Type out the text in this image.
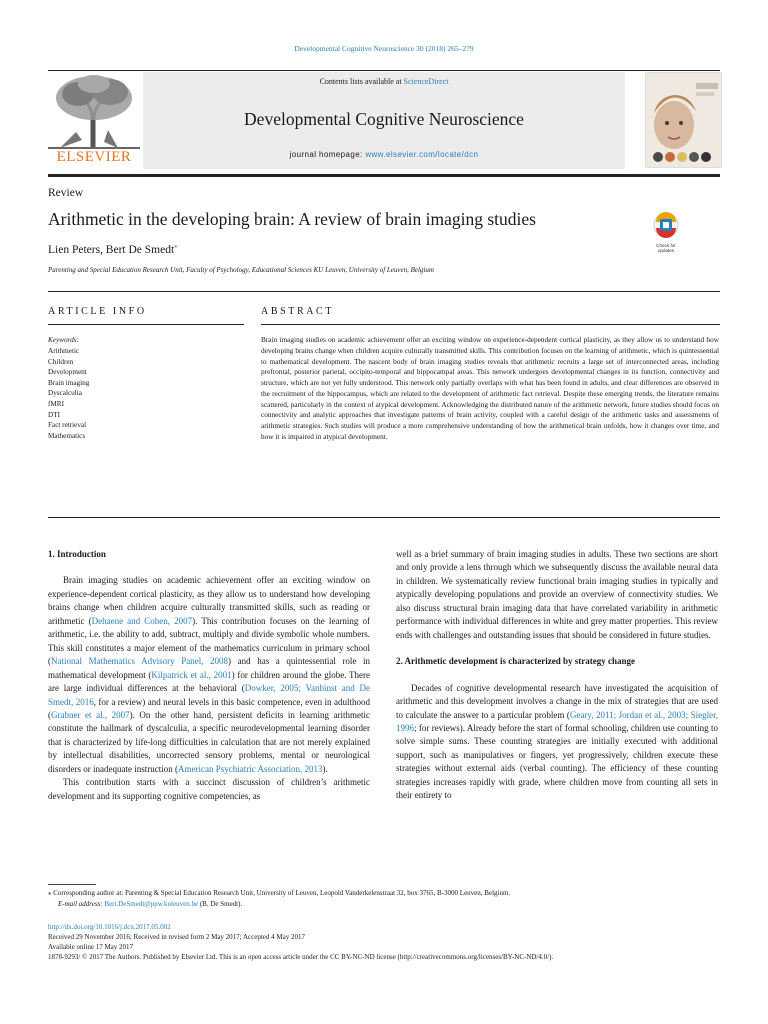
Developmental Cognitive Neuroscience 30 (2018) 265–279
ELSEVIER
Contents lists available at ScienceDirect
Developmental Cognitive Neuroscience
journal homepage: www.elsevier.com/locate/dcn
Review
Arithmetic in the developing brain: A review of brain imaging studies
Lien Peters, Bert De Smedt⁎
Parenting and Special Education Research Unit, Faculty of Psychology, Educational Sciences KU Leuven, University of Leuven, Belgium
Check for
updates
ARTICLE INFO
Keywords:
Arithmetic
Children
Development
Brain imaging
Dyscalculia
fMRI
DTI
Fact retrieval
Mathematics
ABSTRACT
Brain imaging studies on academic achievement offer an exciting window on experience-dependent cortical plasticity, as they allow us to understand how developing brains change when children acquire culturally transmitted skills. This contribution focuses on the learning of arithmetic, which is quintessential to mathematical development. The nascent body of brain imaging studies reveals that arithmetic recruits a large set of interconnected areas, including prefrontal, posterior parietal, occipito-temporal and hippocampal areas. This network undergoes developmental changes in its function, connectivity and structure, which are not yet fully understood. This network only partially overlaps with what has been found in adults, and clear differences are observed in the recruitment of the hippocampus, which are related to the development of arithmetic fact retrieval. Despite these emerging trends, the literature remains scattered, particularly in the context of atypical development. Acknowledging the distributed nature of the arithmetic network, future studies should focus on connectivity and analytic approaches that investigate patterns of brain activity, coupled with a careful design of the arithmetic tasks and assessments of arithmetic strategies. Such studies will produce a more comprehensive understanding of how the arithmetical brain unfolds, how it changes over time, and how it is impaired in atypical development.
1. Introduction

Brain imaging studies on academic achievement offer an exciting window on experience-dependent cortical plasticity, as they allow us to understand how developing brains change when children acquire culturally transmitted skills, such as reading or arithmetic (Dehaene and Cohen, 2007). This contribution focuses on the learning of arithmetic, i.e. the ability to add, subtract, multiply and divide symbolic whole numbers. This skill constitutes a major element of the mathematics curriculum in primary school (National Mathematics Advisory Panel, 2008) and has a quintessential role in mathematical development (Kilpatrick et al., 2001) for children around the globe. There are large individual differences at the behavioral (Dowker, 2005; Vanbinst and De Smedt, 2016, for a review) and neural levels in this basic competence, even in adulthood (Grabner et al., 2007). On the other hand, persistent deficits in learning arithmetic constitute the hallmark of dyscalculia, a specific neurodevelopmental learning disorder that is characterized by life-long difficulties in calculation that are not merely explained by intellectual disabilities, uncorrected sensory problems, mental or neurological disorders or inadequate instruction (American Psychiatric Association, 2013).

This contribution starts with a succinct discussion of children’s arithmetic development and its supporting cognitive competencies, as

well as a brief summary of brain imaging studies in adults. These two sections are short and only provide a lens through which we subsequently discuss the available neural data in children. We systematically review functional brain imaging studies in typically and atypically developing populations and provide an overview of connectivity studies. We also discuss structural brain imaging data that have correlated variability in arithmetic performance with individual differences in white and grey matter properties. This review ends with challenges and outstanding issues that should be considered in future studies.

2. Arithmetic development is characterized by strategy change

Decades of cognitive developmental research have investigated the acquisition of arithmetic and this development involves a change in the mix of strategies that are used to calculate the answer to a particular problem (Geary, 2011; Jordan et al., 2003; Siegler, 1996; for reviews). Already before the start of formal schooling, children use counting to solve simple sums. These counting strategies are initially executed with additional support, such as manipulatives or fingers, yet progressively, children execute these strategies without external aids (verbal counting). The efficiency of these counting strategies increases rapidly with grade, where children move from counting all sets in their entirety to

⁎ Corresponding author at: Parenting & Special Education Research Unit, University of Leuven, Leopold Vanderkelenstraat 32, box 3765, B-3000 Leuven, Belgium.
E-mail address: Bert.DeSmedt@ppw.kuleuven.be (B. De Smedt).
http://dx.doi.org/10.1016/j.dcn.2017.05.002
Received 29 November 2016; Received in revised form 2 May 2017; Accepted 4 May 2017
Available online 17 May 2017
1878-9293/ © 2017 The Authors. Published by Elsevier Ltd. This is an open access article under the CC BY-NC-ND license (http://creativecommons.org/licenses/BY-NC-ND/4.0/).
